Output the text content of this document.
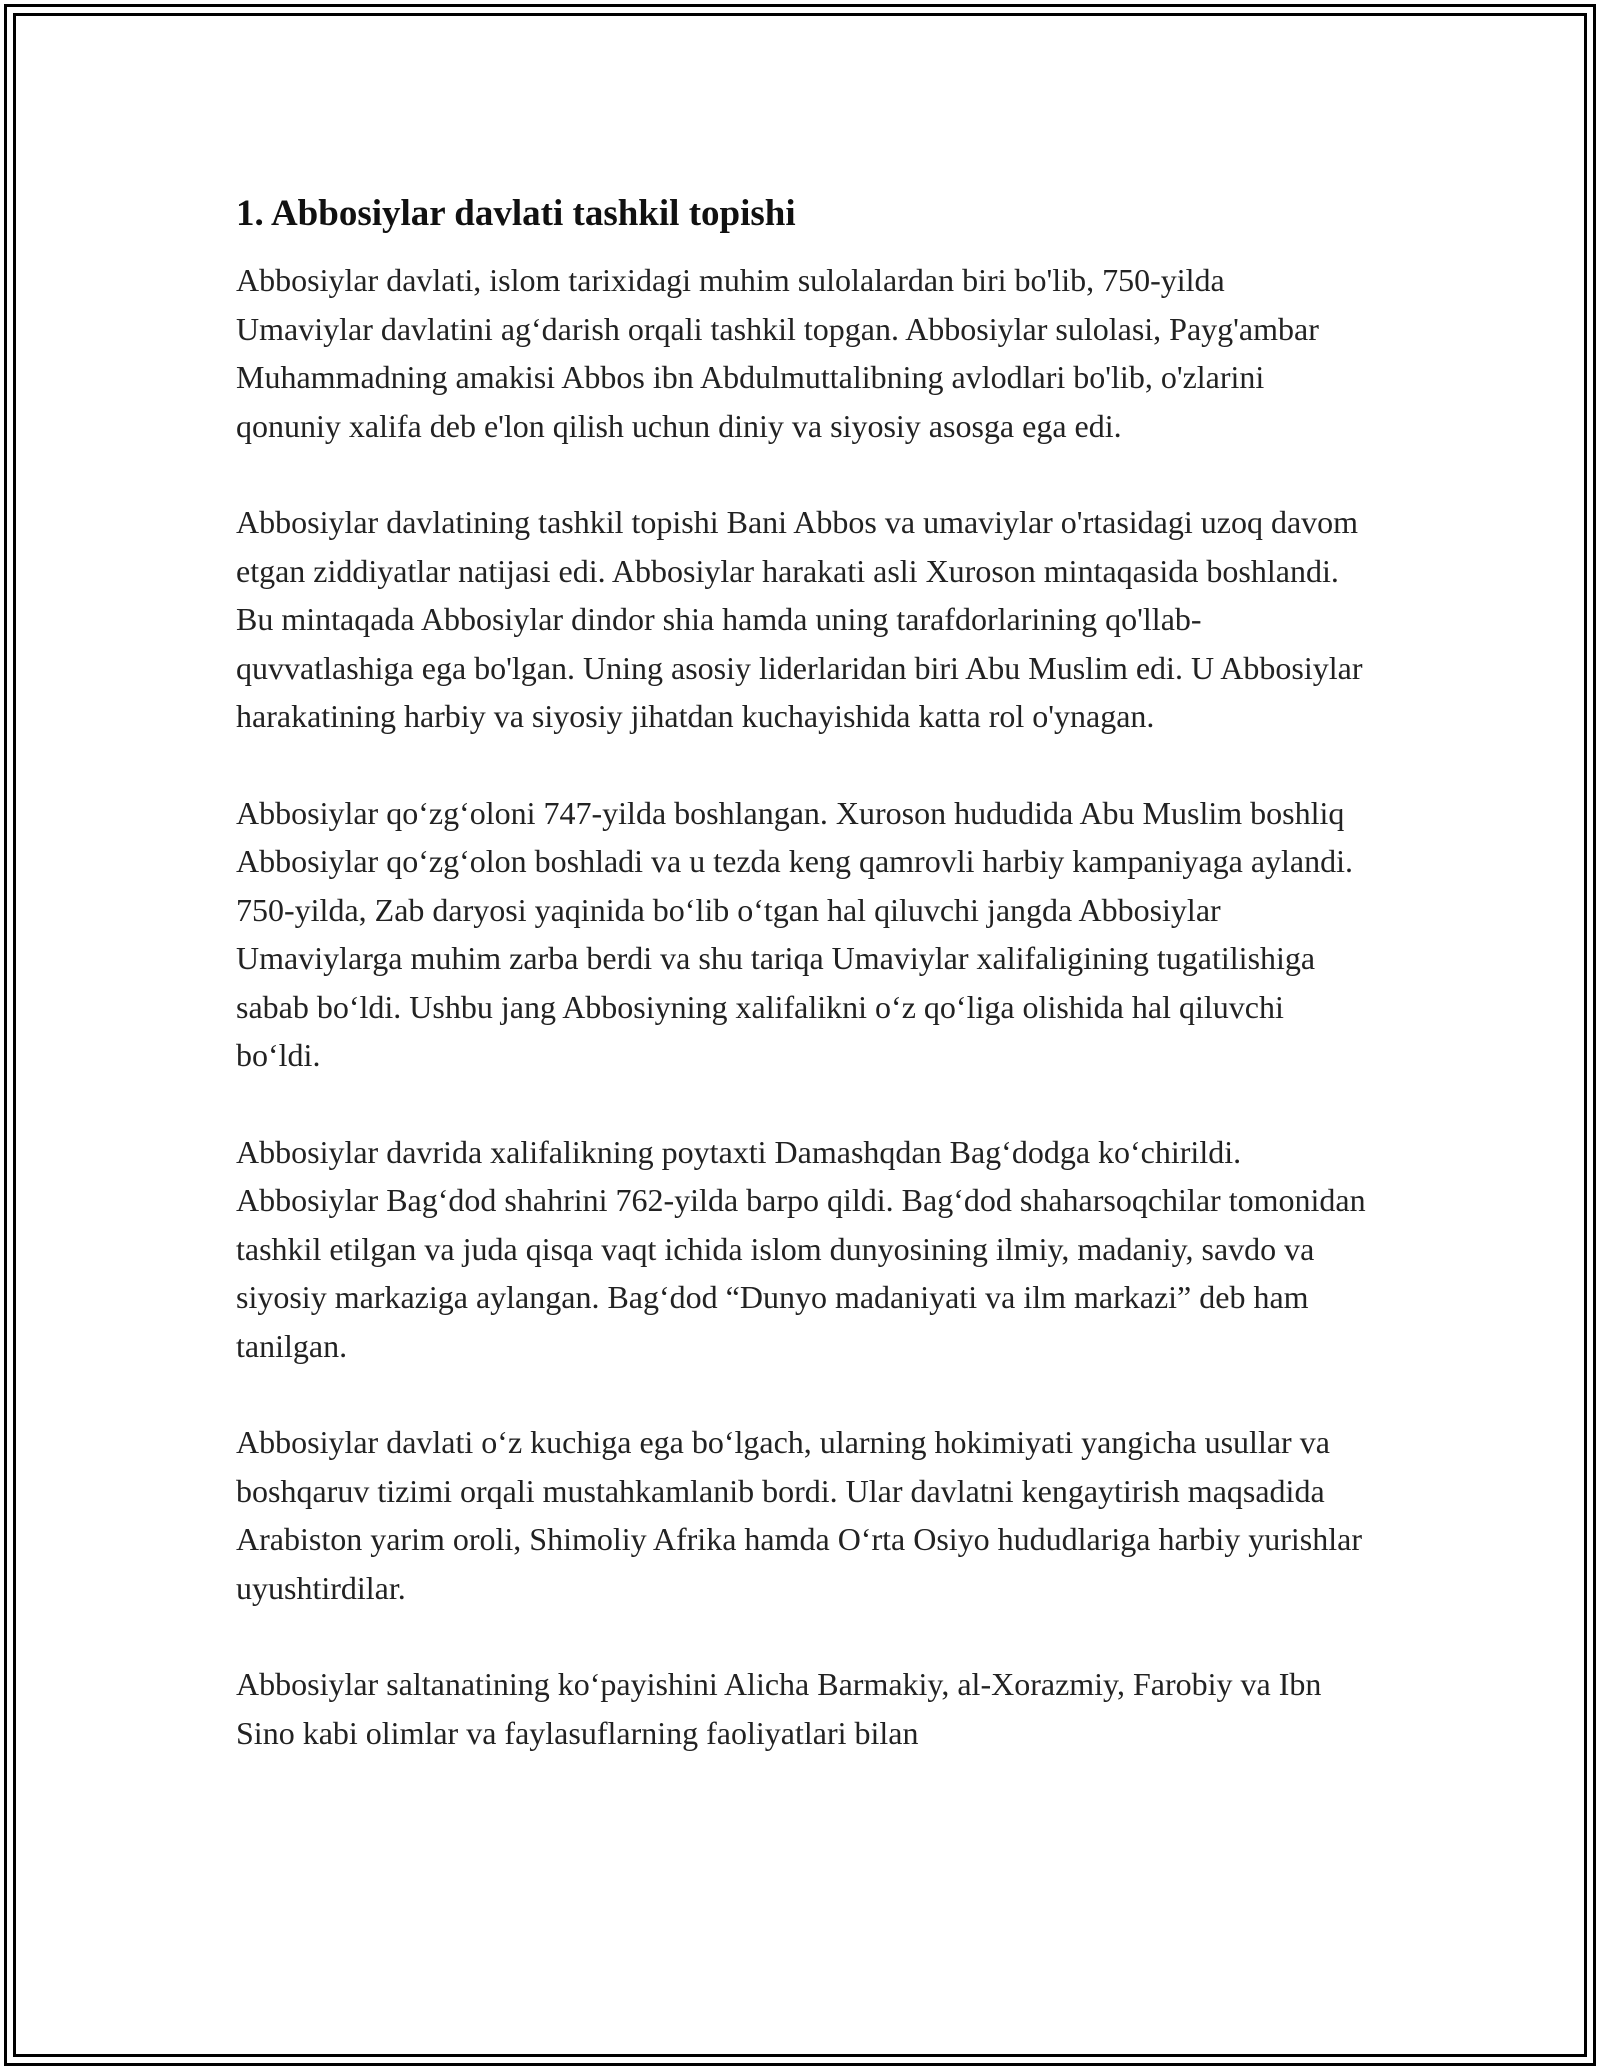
1. Abbosiylar davlati tashkil topishi

Abbosiylar davlati, islom tarixidagi muhim sulolalardan biri bo'lib, 750-yilda Umaviylar davlatini ag‘darish orqali tashkil topgan. Abbosiylar sulolasi, Payg'ambar Muhammadning amakisi Abbos ibn Abdulmuttalibning avlodlari bo'lib, o'zlarini qonuniy xalifa deb e'lon qilish uchun diniy va siyosiy asosga ega edi.

Abbosiylar davlatining tashkil topishi Bani Abbos va umaviylar o'rtasidagi uzoq davom etgan ziddiyatlar natijasi edi. Abbosiylar harakati asli Xuroson mintaqasida boshlandi. Bu mintaqada Abbosiylar dindor shia hamda uning tarafdorlarining qo'llab-quvvatlashiga ega bo'lgan. Uning asosiy liderlaridan biri Abu Muslim edi. U Abbosiylar harakatining harbiy va siyosiy jihatdan kuchayishida katta rol o'ynagan.

Abbosiylar qo‘zg‘oloni 747-yilda boshlangan. Xuroson hududida Abu Muslim boshliq Abbosiylar qo‘zg‘olon boshladi va u tezda keng qamrovli harbiy kampaniyaga aylandi. 750-yilda, Zab daryosi yaqinida bo‘lib o‘tgan hal qiluvchi jangda Abbosiylar Umaviylarga muhim zarba berdi va shu tariqa Umaviylar xalifaligining tugatilishiga sabab bo‘ldi. Ushbu jang Abbosiyning xalifalikni o‘z qo‘liga olishida hal qiluvchi bo‘ldi.

Abbosiylar davrida xalifalikning poytaxti Damashqdan Bag‘dodga ko‘chirildi. Abbosiylar Bag‘dod shahrini 762-yilda barpo qildi. Bag‘dod shaharsoqchilar tomonidan tashkil etilgan va juda qisqa vaqt ichida islom dunyosining ilmiy, madaniy, savdo va siyosiy markaziga aylangan. Bag‘dod “Dunyo madaniyati va ilm markazi” deb ham tanilgan.

Abbosiylar davlati o‘z kuchiga ega bo‘lgach, ularning hokimiyati yangicha usullar va boshqaruv tizimi orqali mustahkamlanib bordi. Ular davlatni kengaytirish maqsadida Arabiston yarim oroli, Shimoliy Afrika hamda O‘rta Osiyo hududlariga harbiy yurishlar uyushtirdilar.

Abbosiylar saltanatining ko‘payishini Alicha Barmakiy, al-Xorazmiy, Farobiy va Ibn Sino kabi olimlar va faylasuflarning faoliyatlari bilan
